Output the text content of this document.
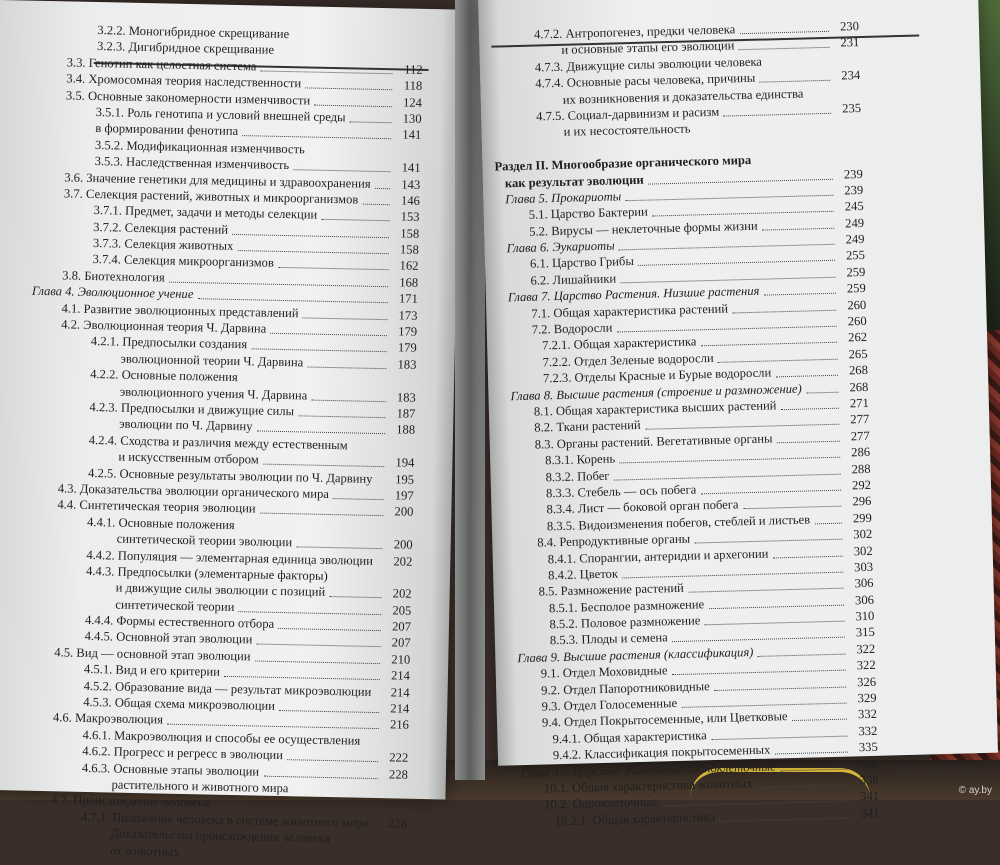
3.2.2. Моногибридное скрещивание
3.2.3. Дигибридное скрещивание
3.3. Генотип как целостная система	112
3.4. Хромосомная теория наследственности	118
3.5. Основные закономерности изменчивости	124
3.5.1. Роль генотипа и условий внешней среды	130
в формировании фенотипа	141
3.5.2. Модификационная изменчивость
3.5.3. Наследственная изменчивость	141
3.6. Значение генетики для медицины и здравоохранения	143
3.7. Селекция растений, животных и микроорганизмов	146
3.7.1. Предмет, задачи и методы селекции	153
3.7.2. Селекция растений	158
3.7.3. Селекция животных	158
3.7.4. Селекция микроорганизмов	162
3.8. Биотехнология	168
Глава 4. Эволюционное учение	171
4.1. Развитие эволюционных представлений	173
4.2. Эволюционная теория Ч. Дарвина	179
4.2.1. Предпосылки создания	179
эволюционной теории Ч. Дарвина	183
4.2.2. Основные положения
эволюционного учения Ч. Дарвина	183
4.2.3. Предпосылки и движущие силы	187
эволюции по Ч. Дарвину	188
4.2.4. Сходства и различия между естественным
и искусственным отбором	194
4.2.5. Основные результаты эволюции по Ч. Дарвину	195
4.3. Доказательства эволюции органического мира	197
4.4. Синтетическая теория эволюции	200
4.4.1. Основные положения
синтетической теории эволюции	200
4.4.2. Популяция — элементарная единица эволюции	202
4.4.3. Предпосылки (элементарные факторы)
и движущие силы эволюции с позиций	202
синтетической теории	205
4.4.4. Формы естественного отбора	207
4.4.5. Основной этап эволюции	207
4.5. Вид — основной этап эволюции	210
4.5.1. Вид и его критерии	214
4.5.2. Образование вида — результат микроэволюции	214
4.5.3. Общая схема микроэволюции	214
4.6. Макроэволюция	216
4.6.1. Макроэволюция и способы ее осуществления
4.6.2. Прогресс и регресс в эволюции	222
4.6.3. Основные этапы эволюции	228
растительного и животного мира
4.7. Происхождение человека
4.7.1. Положение человека в системе животного мира.	228
Доказательства происхождения человека
от животных
4.7.2. Антропогенез, предки человека	230
и основные этапы его эволюции	231
4.7.3. Движущие силы эволюции человека
4.7.4. Основные расы человека, причины	234
их возникновения и доказательства единства
4.7.5. Социал-дарвинизм и расизм	235
и их несостоятельность
Раздел II. Многообразие органического мира
как результат эволюции	239
Глава 5. Прокариоты	239
5.1. Царство Бактерии	245
5.2. Вирусы — неклеточные формы жизни	249
Глава 6. Эукариоты	249
6.1. Царство Грибы	255
6.2. Лишайники	259
Глава 7. Царство Растения. Низшие растения	259
7.1. Общая характеристика растений	260
7.2. Водоросли	260
7.2.1. Общая характеристика	262
7.2.2. Отдел Зеленые водоросли	265
7.2.3. Отделы Красные и Бурые водоросли	268
Глава 8. Высшие растения (строение и размножение)	268
8.1. Общая характеристика высших растений	271
8.2. Ткани растений	277
8.3. Органы растений. Вегетативные органы	277
8.3.1. Корень	286
8.3.2. Побег	288
8.3.3. Стебель — ось побега	292
8.3.4. Лист — боковой орган побега	296
8.3.5. Видоизменения побегов, стеблей и листьев	299
8.4. Репродуктивные органы	302
8.4.1. Спорангии, антеридии и архегонии	302
8.4.2. Цветок	303
8.5. Размножение растений	306
8.5.1. Бесполое размножение	306
8.5.2. Половое размножение	310
8.5.3. Плоды и семена	315
Глава 9. Высшие растения (классификация)	322
9.1. Отдел Моховидные	322
9.2. Отдел Папоротниковидные	326
9.3. Отдел Голосеменные	329
9.4. Отдел Покрытосеменные, или Цветковые	332
9.4.1. Общая характеристика	332
9.4.2. Классификация покрытосеменных	335
Глава 10. Царство Животные. Одноклеточные	338
10.1. Общая характеристика животных	338
10.2. Одноклеточные	341
10.2.1. Общая характеристика	341
© ay.by
